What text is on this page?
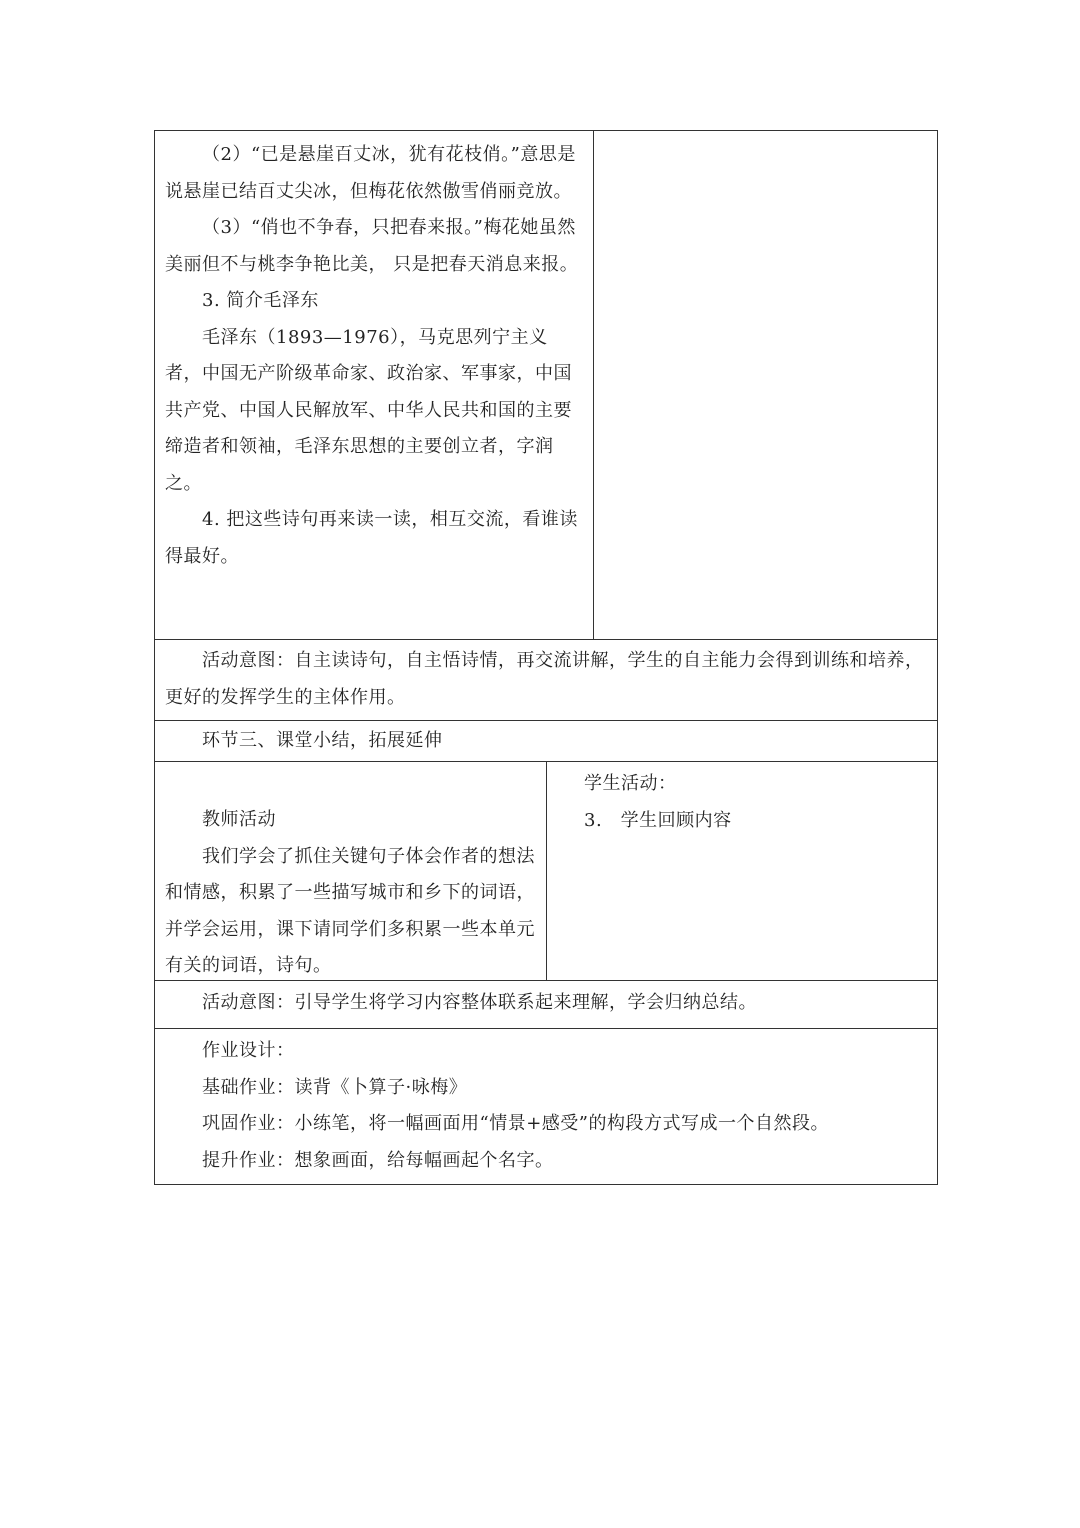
（2）“已是悬崖百丈冰，犹有花枝俏。”意思是说悬崖已结百丈尖冰，但梅花依然傲雪俏丽竞放。

（3）“俏也不争春，只把春来报。”梅花她虽然美丽但不与桃李争艳比美， 只是把春天消息来报。

3. 简介毛泽东

毛泽东（1893—1976），马克思列宁主义者，中国无产阶级革命家、政治家、军事家，中国共产党、中国人民解放军、中华人民共和国的主要缔造者和领袖，毛泽东思想的主要创立者，字润之。

4. 把这些诗句再来读一读，相互交流，看谁读得最好。

活动意图：自主读诗句，自主悟诗情，再交流讲解，学生的自主能力会得到训练和培养，更好的发挥学生的主体作用。

环节三、课堂小结，拓展延伸

教师活动

我们学会了抓住关键句子体会作者的想法和情感，积累了一些描写城市和乡下的词语，并学会运用，课下请同学们多积累一些本单元有关的词语，诗句。

学生活动：

3.　学生回顾内容

活动意图：引导学生将学习内容整体联系起来理解，学会归纳总结。

作业设计：

基础作业：读背《卜算子·咏梅》

巩固作业：小练笔，将一幅画面用“情景+感受”的构段方式写成一个自然段。

提升作业：想象画面，给每幅画起个名字。
